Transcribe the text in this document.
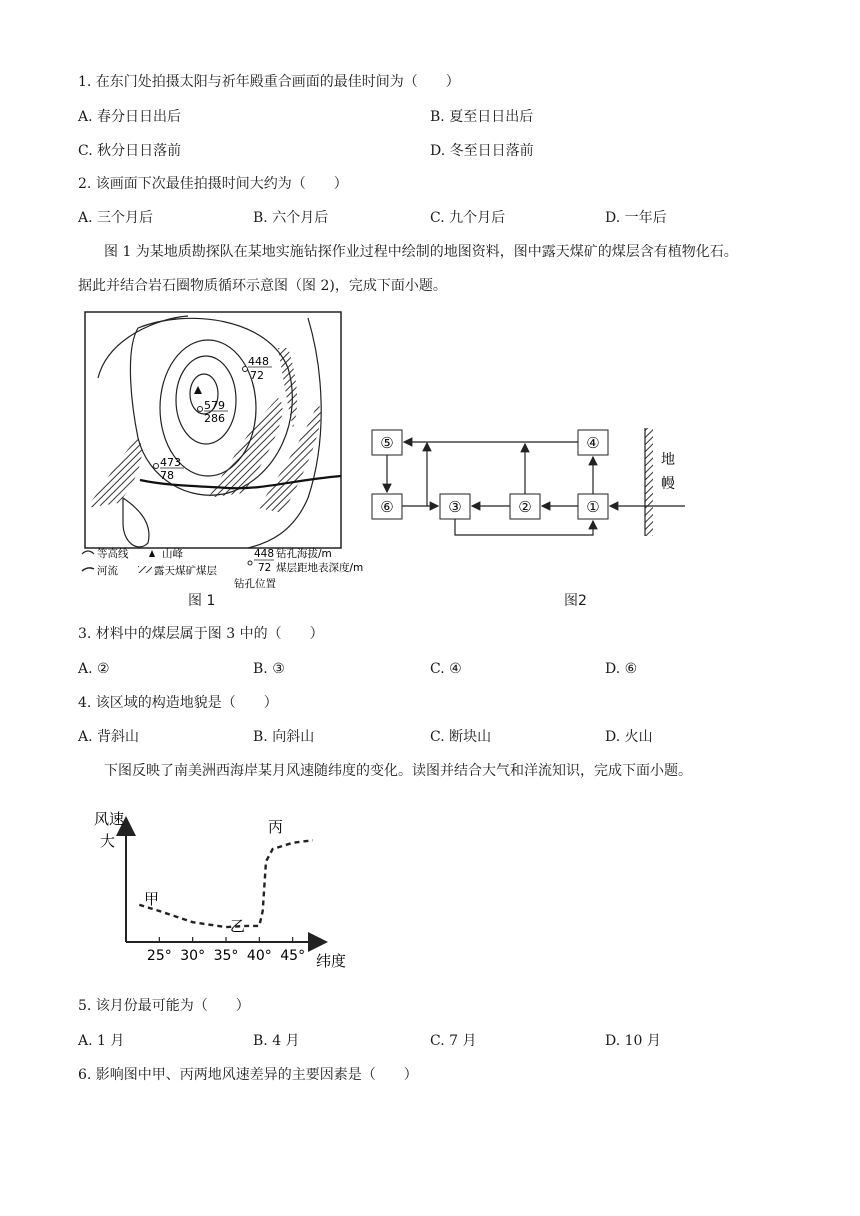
1. 在东门处拍摄太阳与祈年殿重合画面的最佳时间为（　　）
A. 春分日日出后	B. 夏至日日出后
C. 秋分日日落前	D. 冬至日日落前
2. 该画面下次最佳拍摄时间大约为（　　）
A. 三个月后	B. 六个月后	C. 九个月后	D. 一年后
图 1 为某地质勘探队在某地实施钻探作业过程中绘制的地图资料，图中露天煤矿的煤层含有植物化石。
据此并结合岩石圈物质循环示意图（图 2)，完成下面小题。
448
72
579
286
473
78
等高线	山峰
河流	露天煤矿煤层
448 钻孔海拔/m
72 煤层距地表深度/m
钻孔位置
图 1
⑤	④
⑥	③	②	①
地
幔
图2
3. 材料中的煤层属于图 3 中的（　　）
A. ②	B. ③	C. ④	D. ⑥
4. 该区域的构造地貌是（　　）
A. 背斜山	B. 向斜山	C. 断块山	D. 火山
下图反映了南美洲西海岸某月风速随纬度的变化。读图并结合大气和洋流知识，完成下面小题。
风速
大
纬度
25° 30° 35° 40° 45°
甲
乙
丙
5. 该月份最可能为（　　）
A. 1 月	B. 4 月	C. 7 月	D. 10 月
6. 影响图中甲、丙两地风速差异的主要因素是（　　）
